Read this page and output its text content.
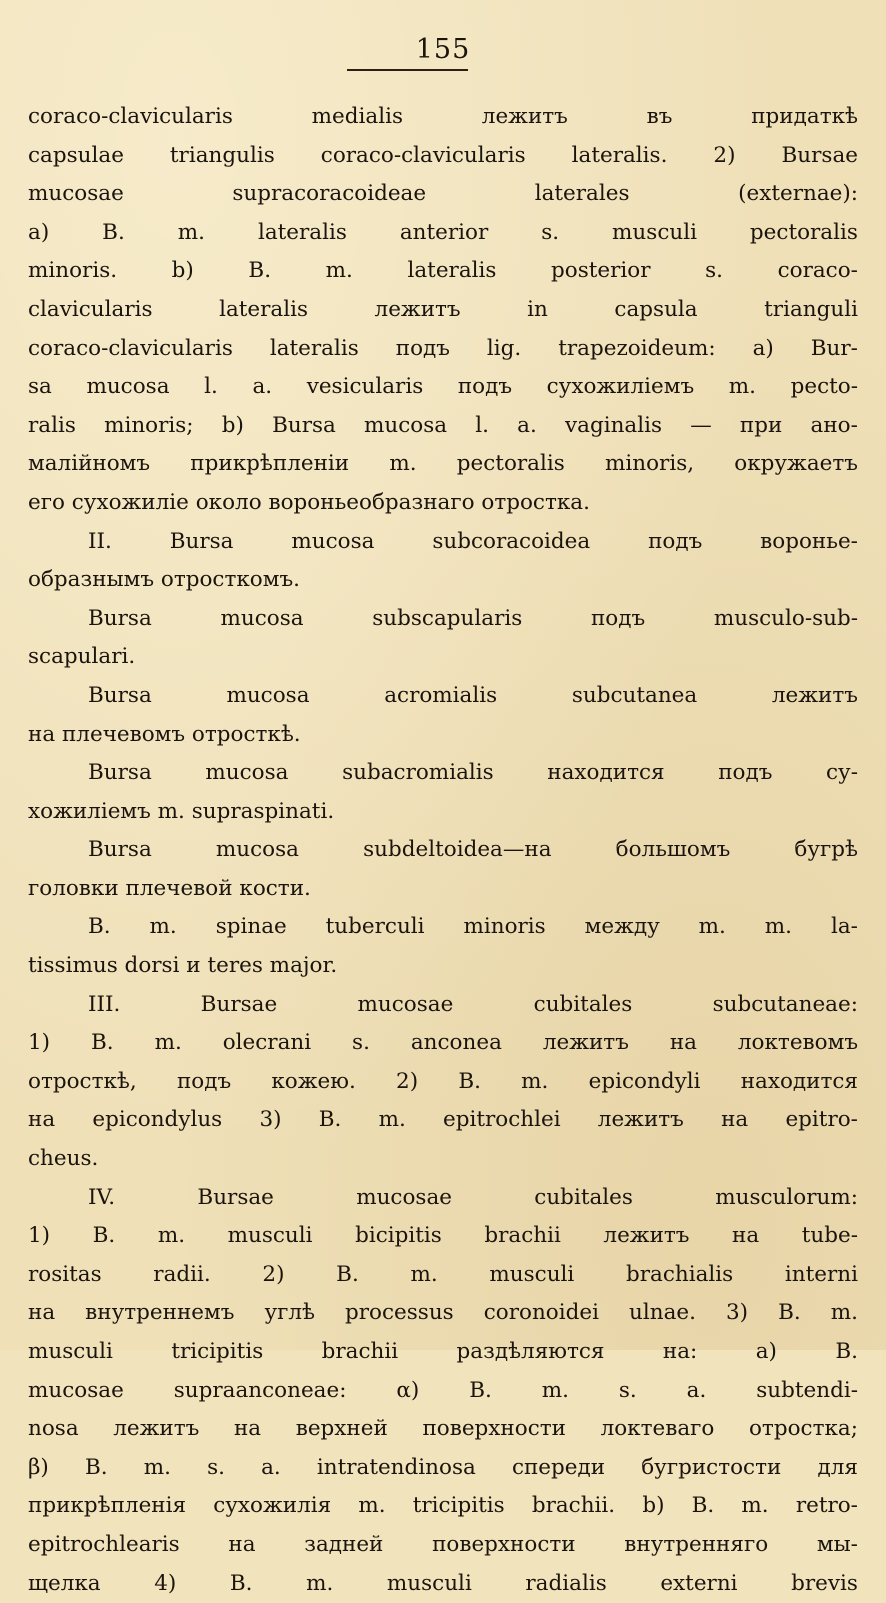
155
coraco-clavicularis	medialis	лежитъ	въ	придаткѣ
capsulae triangulis coraco-clavicularis lateralis. 2) Bursae
mucosae	supracoracoideae	laterales	(externae):
a) B. m. lateralis anterior s. musculi pectoralis
minoris.	b)	B.	m.	lateralis	posterior	s.	coraco-
clavicularis	lateralis	лежитъ	in	capsula	trianguli
coraco-clavicularis lateralis подъ lig. trapezoideum: a) Bur-
sa mucosa l. a. vesicularis подъ сухожиліемъ m. pecto-
ralis minoris; b) Bursa mucosa l. a. vaginalis — при ано-
малійномъ прикрѣпленіи m. pectoralis minoris, окружаетъ
его сухожиліе около вороньеобразнаго отростка.
II.	Bursa	mucosa	subcoracoidea	подъ	воронье-
образнымъ отросткомъ.
Bursa	mucosa	subscapularis	подъ	musculo-sub-
scapulari.
Bursa	mucosa	acromialis	subcutanea	лежитъ
на плечевомъ отросткѣ.
Bursa mucosa subacromialis находится подъ су-
хожиліемъ m. supraspinati.
Bursa	mucosa	subdeltoidea—на	большомъ	бугрѣ
головки плечевой кости.
B. m. spinae tuberculi minoris между m. m. la-
tissimus dorsi и teres major.
III.	Bursae	mucosae	cubitales	subcutaneae:
1) B. m. olecrani s. anconea лежитъ на локтевомъ
отросткѣ, подъ кожею. 2) B. m. epicondyli находится
на epicondylus 3) B. m. epitrochlei лежитъ на epitro-
cheus.
IV.	Bursae	mucosae	cubitales	musculorum:
1) B. m. musculi bicipitis brachii лежитъ на tube-
rositas radii. 2) B. m. musculi brachialis interni
на внутреннемъ углѣ processus coronoidei ulnae. 3) B. m.
musculi	tricipitis	brachii	раздѣляются	на:	a)	B.
mucosae supraanconeae: α) B. m. s. a. subtendi-
nosa лежитъ на верхней поверхности локтеваго отростка;
β) B. m. s. a. intratendinosa спереди бугристости для
прикрѣпленія сухожилія m. tricipitis brachii. b) B. m. retro-
epitrochlearis на задней поверхности внутренняго мы-
щелка 4) B. m. musculi radialis externi brevis
